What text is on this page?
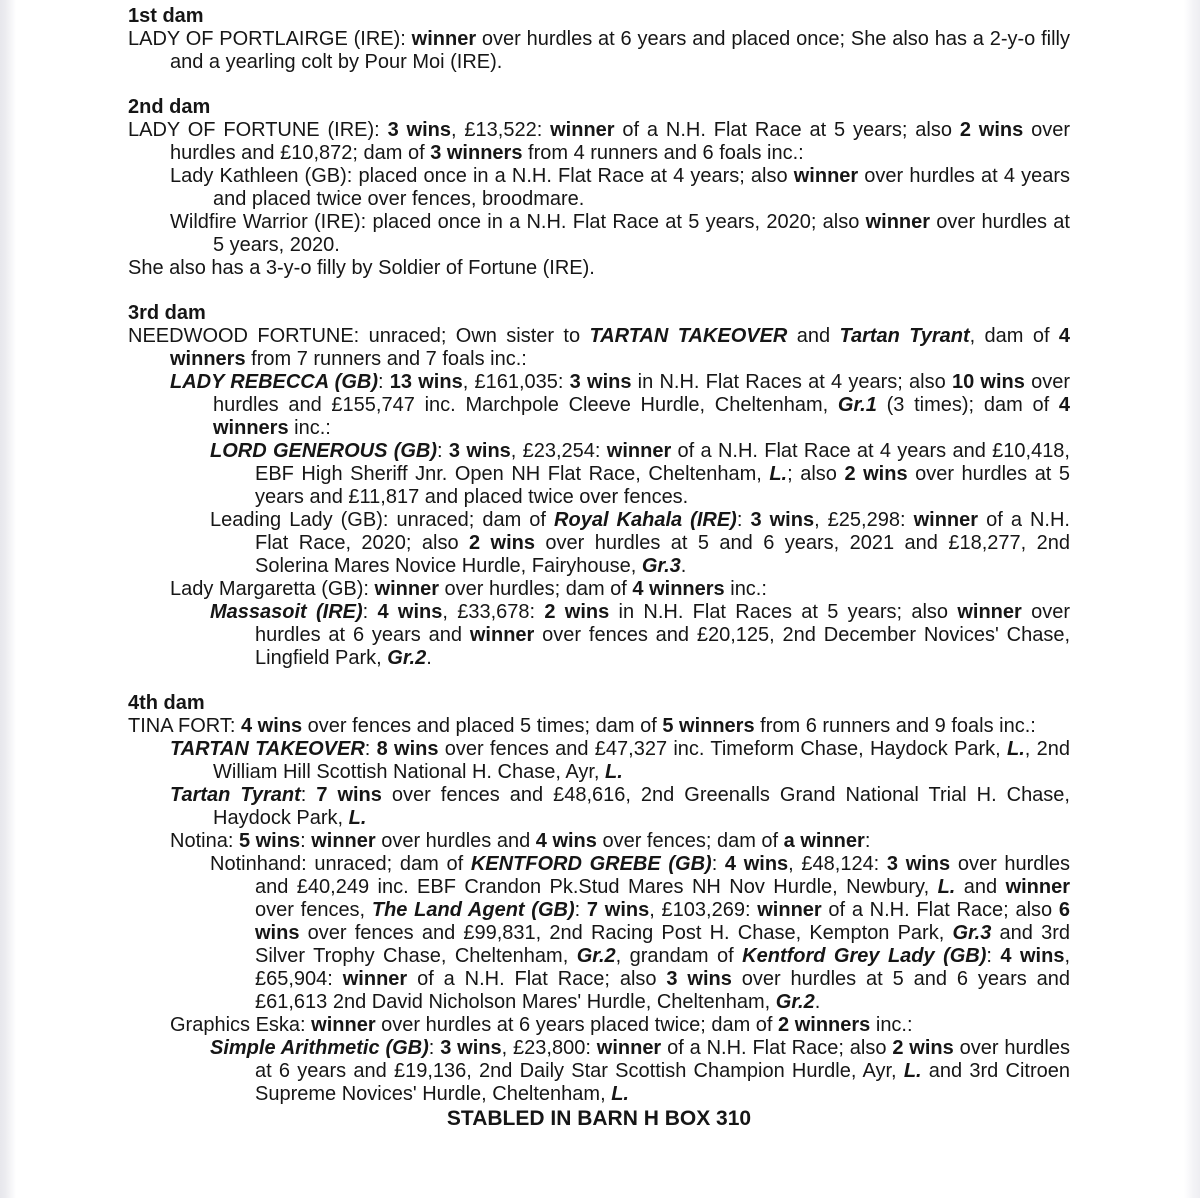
1st dam

LADY OF PORTLAIRGE (IRE): winner over hurdles at 6 years and placed once; She also has a 2-y-o filly and a yearling colt by Pour Moi (IRE).

2nd dam

LADY OF FORTUNE (IRE): 3 wins, £13,522: winner of a N.H. Flat Race at 5 years; also 2 wins over hurdles and £10,872; dam of 3 winners from 4 runners and 6 foals inc.:

Lady Kathleen (GB): placed once in a N.H. Flat Race at 4 years; also winner over hurdles at 4 years and placed twice over fences, broodmare.

Wildfire Warrior (IRE): placed once in a N.H. Flat Race at 5 years, 2020; also winner over hurdles at 5 years, 2020.

She also has a 3-y-o filly by Soldier of Fortune (IRE).

3rd dam

NEEDWOOD FORTUNE: unraced; Own sister to TARTAN TAKEOVER and Tartan Tyrant, dam of 4 winners from 7 runners and 7 foals inc.:

LADY REBECCA (GB): 13 wins, £161,035: 3 wins in N.H. Flat Races at 4 years; also 10 wins over hurdles and £155,747 inc. Marchpole Cleeve Hurdle, Cheltenham, Gr.1 (3 times); dam of 4 winners inc.:

LORD GENEROUS (GB): 3 wins, £23,254: winner of a N.H. Flat Race at 4 years and £10,418, EBF High Sheriff Jnr. Open NH Flat Race, Cheltenham, L.; also 2 wins over hurdles at 5 years and £11,817 and placed twice over fences.

Leading Lady (GB): unraced; dam of Royal Kahala (IRE): 3 wins, £25,298: winner of a N.H. Flat Race, 2020; also 2 wins over hurdles at 5 and 6 years, 2021 and £18,277, 2nd Solerina Mares Novice Hurdle, Fairyhouse, Gr.3.

Lady Margaretta (GB): winner over hurdles; dam of 4 winners inc.:

Massasoit (IRE): 4 wins, £33,678: 2 wins in N.H. Flat Races at 5 years; also winner over hurdles at 6 years and winner over fences and £20,125, 2nd December Novices' Chase, Lingfield Park, Gr.2.

4th dam

TINA FORT: 4 wins over fences and placed 5 times; dam of 5 winners from 6 runners and 9 foals inc.:

TARTAN TAKEOVER: 8 wins over fences and £47,327 inc. Timeform Chase, Haydock Park, L., 2nd William Hill Scottish National H. Chase, Ayr, L.

Tartan Tyrant: 7 wins over fences and £48,616, 2nd Greenalls Grand National Trial H. Chase, Haydock Park, L.

Notina: 5 wins: winner over hurdles and 4 wins over fences; dam of a winner:

Notinhand: unraced; dam of KENTFORD GREBE (GB): 4 wins, £48,124: 3 wins over hurdles and £40,249 inc. EBF Crandon Pk.Stud Mares NH Nov Hurdle, Newbury, L. and winner over fences, The Land Agent (GB): 7 wins, £103,269: winner of a N.H. Flat Race; also 6 wins over fences and £99,831, 2nd Racing Post H. Chase, Kempton Park, Gr.3 and 3rd Silver Trophy Chase, Cheltenham, Gr.2, grandam of Kentford Grey Lady (GB): 4 wins, £65,904: winner of a N.H. Flat Race; also 3 wins over hurdles at 5 and 6 years and £61,613 2nd David Nicholson Mares' Hurdle, Cheltenham, Gr.2.

Graphics Eska: winner over hurdles at 6 years placed twice; dam of 2 winners inc.:

Simple Arithmetic (GB): 3 wins, £23,800: winner of a N.H. Flat Race; also 2 wins over hurdles at 6 years and £19,136, 2nd Daily Star Scottish Champion Hurdle, Ayr, L. and 3rd Citroen Supreme Novices' Hurdle, Cheltenham, L.

STABLED IN BARN H BOX 310
